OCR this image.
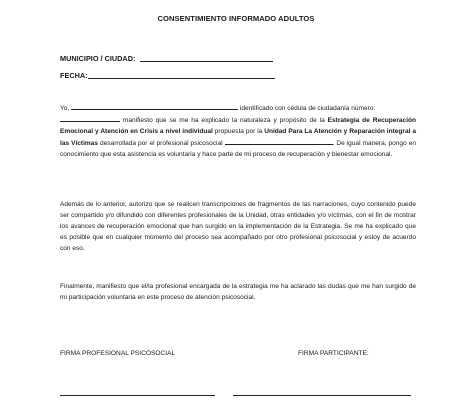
CONSENTIMIENTO INFORMADO ADULTOS
MUNICIPIO / CIUDAD:
FECHA:
Yo,	identificado con cédula de ciudadanía número:
manifiesto que se me ha explicado la naturaleza y propósito de la Estrategia de Recuperación Emocional y Atención en Crisis a nivel individual propuesta por la Unidad Para La Atención y Reparación integral a las Víctimas desarrollada por el profesional psicosocial	. De igual manera, pongo en conocimiento que esta asistencia es voluntaria y hace parte de mi proceso de recuperación y bienestar emocional.
Además de lo anterior, autorizo que se realicen transcripciones de fragmentos de las narraciones, cuyo contenido puede ser compartido y/o difundido con diferentes profesionales de la Unidad, otras entidades y/o víctimas, con el fin de mostrar los avances de recuperación emocional que han surgido en la implementación de la Estrategia. Se me ha explicado que es posible que en cualquier momento del proceso sea acompañado por otro profesional psicosocial y estoy de acuerdo con eso.
Finalmente, manifiesto que el/la profesional encargada de la estrategia me ha aclarado las dudas que me han surgido de mi participación voluntaria en este proceso de atención psicosocial.
FIRMA PROFESIONAL PSICOSOCIAL	FIRMA PARTICIPANTE:
